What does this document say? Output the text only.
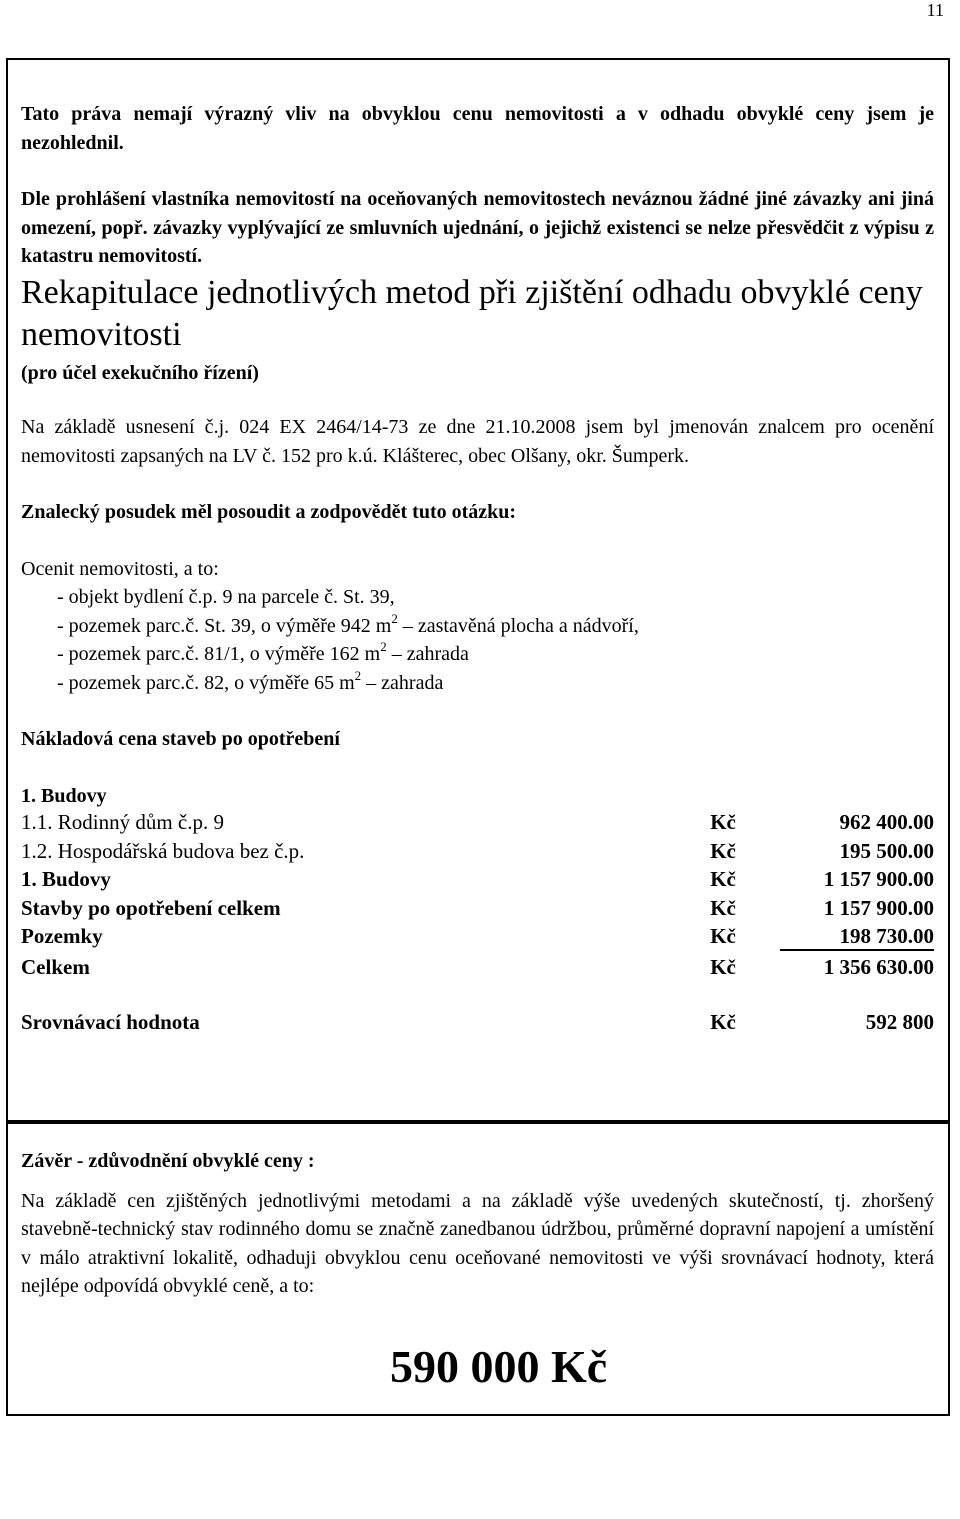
11

Tato práva nemají výrazný vliv na obvyklou cenu nemovitosti a v odhadu obvyklé ceny jsem je nezohlednil.

Dle prohlášení vlastníka nemovitostí na oceňovaných nemovitostech neváznou žádné jiné závazky ani jiná omezení, popř. závazky vyplývající ze smluvních ujednání, o jejichž existenci se nelze přesvědčit z výpisu z katastru nemovitostí.

Rekapitulace jednotlivých metod při zjištění odhadu obvyklé ceny nemovitosti

(pro účel exekučního řízení)

Na základě usnesení č.j. 024 EX 2464/14-73 ze dne 21.10.2008 jsem byl jmenován znalcem pro ocenění nemovitosti zapsaných na LV č. 152 pro k.ú. Klášterec, obec Olšany, okr. Šumperk.

Znalecký posudek měl posoudit a zodpovědět tuto otázku:

Ocenit nemovitosti, a to:

- objekt bydlení č.p. 9 na parcele č. St. 39,
- pozemek parc.č. St. 39, o výměře 942 $m^2$ – zastavěná plocha a nádvoří,
- pozemek parc.č. 81/1, o výměře 162 $m^2$ – zahrada
- pozemek parc.č. 82, o výměře 65 $m^2$ – zahrada

Nákladová cena staveb po opotřebení

1. Budovy

1.1. Rodinný dům č.p. 9	Kč	962 400.00
1.2. Hospodářská budova bez č.p.	Kč	195 500.00
1. Budovy	Kč	1 157 900.00
Stavby po opotřebení celkem	Kč	1 157 900.00
Pozemky	Kč	198 730.00
Celkem	Kč	1 356 630.00
Srovnávací hodnota	Kč	592 800

Závěr - zdůvodnění obvyklé ceny :

Na základě cen zjištěných jednotlivými metodami a na základě výše uvedených skutečností, tj. zhoršený stavebně-technický stav rodinného domu se značně zanedbanou údržbou, průměrné dopravní napojení a umístění v málo atraktivní lokalitě, odhaduji obvyklou cenu oceňované nemovitosti ve výši srovnávací hodnoty, která nejlépe odpovídá obvyklé ceně, a to:

590 000 Kč
